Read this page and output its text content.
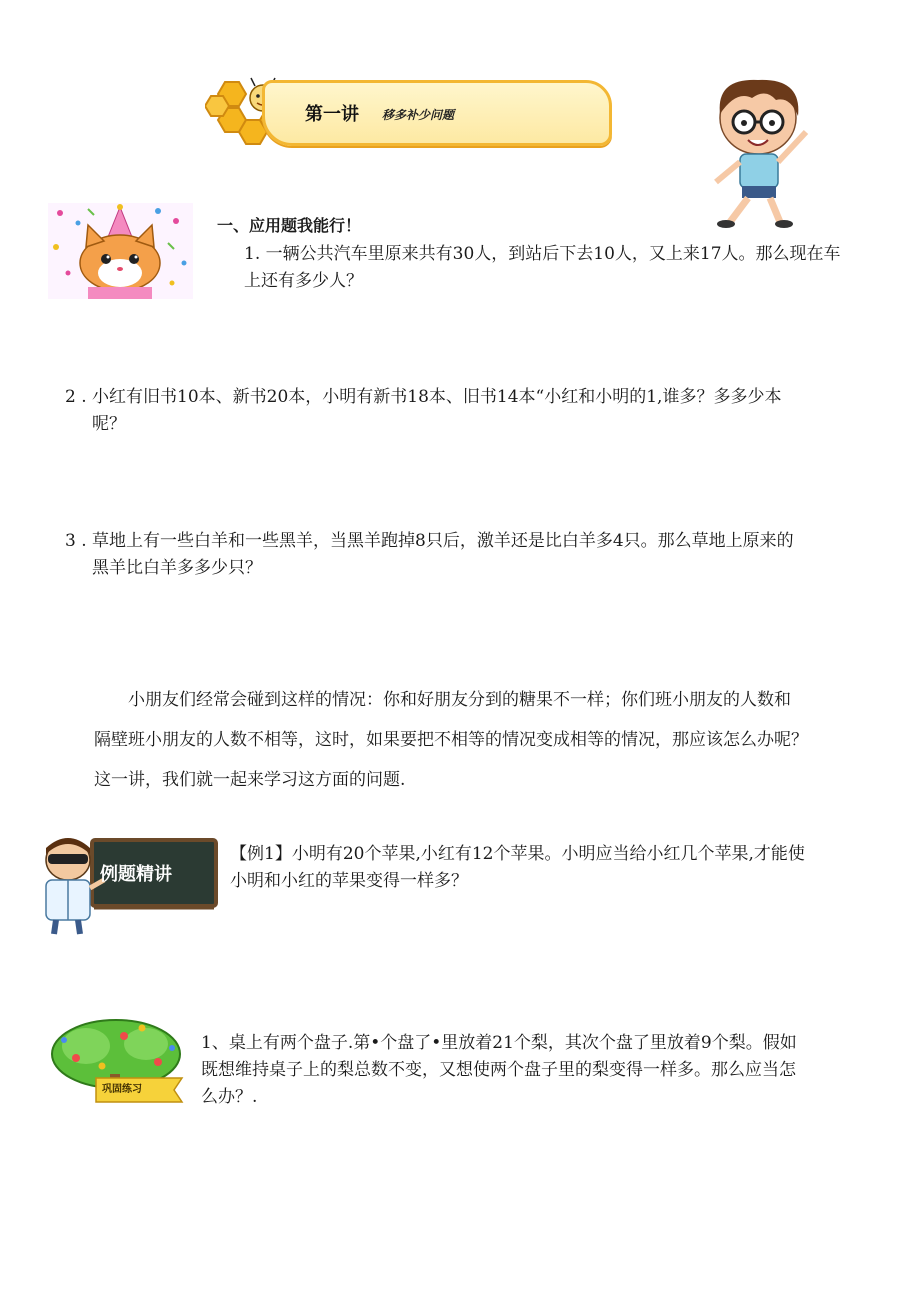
第一讲 移多补少问题
一、应用题我能行！
1. 一辆公共汽车里原来共有30人，到站后下去10人，又上来17人。那么现在车
上还有多少人？
2 . 小红有旧书10本、新书20本，小明有新书18本、旧书14本“小红和小明的1,谁多？多多少本
呢？
3 . 草地上有一些白羊和一些黑羊，当黑羊跑掉8只后，激羊还是比白羊多4只。那么草地上原来的
黑羊比白羊多多少只？
小朋友们经常会碰到这样的情况：你和好朋友分到的糖果不一样；你们班小朋友的人数和
隔壁班小朋友的人数不相等，这时，如果要把不相等的情况变成相等的情况，那应该怎么办呢？
这一讲，我们就一起来学习这方面的问题.
例题精讲
【例1】小明有20个苹果,小红有12个苹果。小明应当给小红几个苹果,才能使
小明和小红的苹果变得一样多？
巩固练习
1、桌上有两个盘子.第•个盘了•里放着21个梨，其次个盘了里放着9个梨。假如
既想维持桌子上的梨总数不变，又想使两个盘子里的梨变得一样多。那么应当怎
么办？.
